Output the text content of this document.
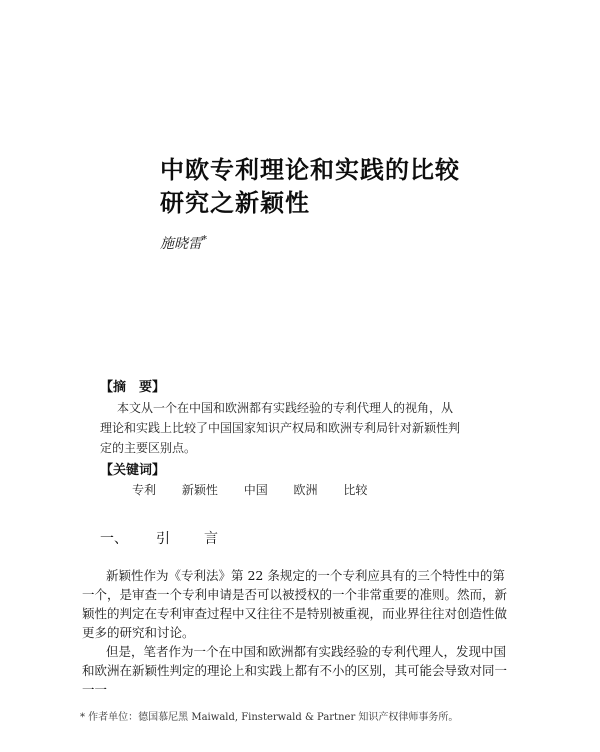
中欧专利理论和实践的比较
研究之新颖性
施晓雷*
【摘　要】
本文从一个在中国和欧洲都有实践经验的专利代理人的视角，从
理论和实践上比较了中国国家知识产权局和欧洲专利局针对新颖性判
定的主要区别点。
【关键词】
专利 新颖性 中国 欧洲 比较
一、 引 言
新颖性作为《专利法》第 22 条规定的一个专利应具有的三个特性中的第
一个，是审查一个专利申请是否可以被授权的一个非常重要的准则。然而，新
颖性的判定在专利审查过程中又往往不是特别被重视，而业界往往对创造性做
更多的研究和讨论。
但是，笔者作为一个在中国和欧洲都有实践经验的专利代理人，发现中国
和欧洲在新颖性判定的理论上和实践上都有不小的区别，其可能会导致对同一
一一
* 作者单位：德国慕尼黑 Maiwald, Finsterwald & Partner 知识产权律师事务所。
